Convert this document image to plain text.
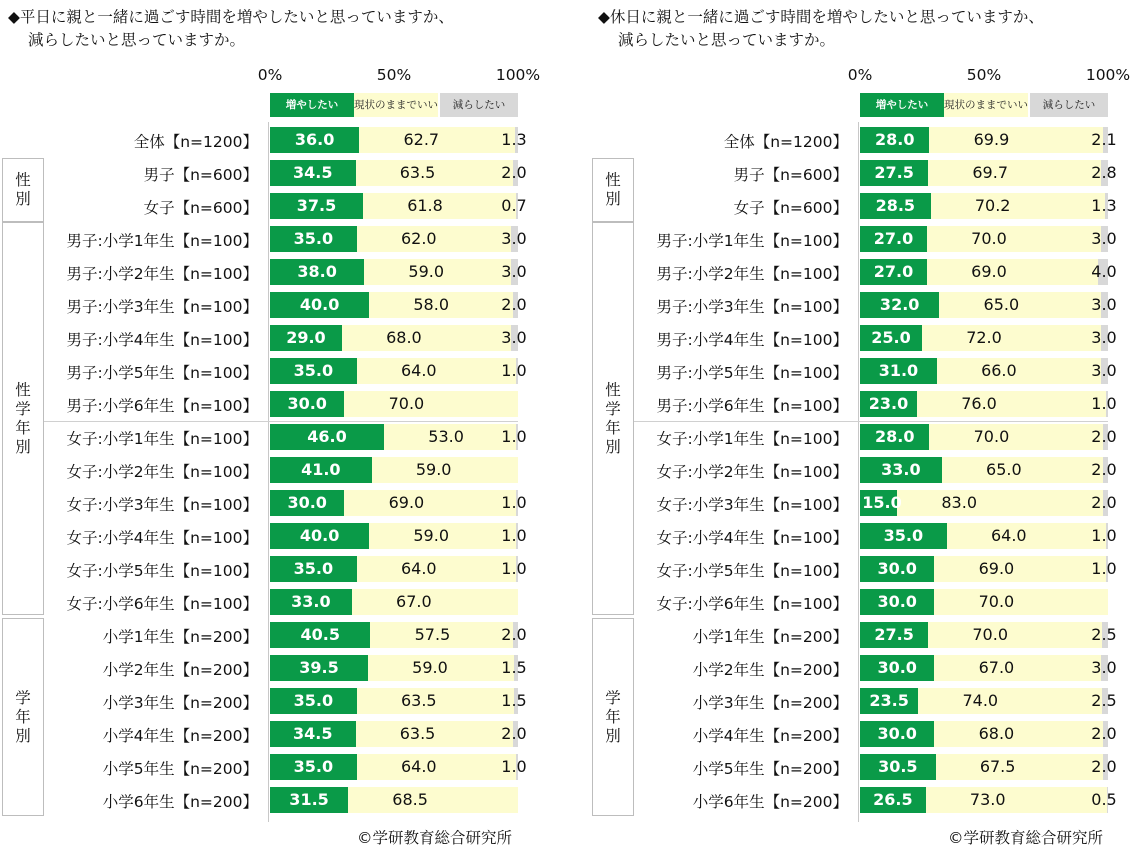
◆平日に親と一緒に過ごす時間を増やしたいと思っていますか、
減らしたいと思っていますか。
0%	50%	100%
増やしたい	現状のままでいい	減らしたい
性別
性学年別
学年別
全体【n=1200】 36.0	62.7	1.3
男子【n=600】 34.5	63.5	2.0
女子【n=600】 37.5	61.8	0.7
男子:小学1年生【n=100】 35.0	62.0	3.0
男子:小学2年生【n=100】 38.0	59.0	3.0
男子:小学3年生【n=100】	40.0	58.0	2.0
男子:小学4年生【n=100】 29.0	68.0	3.0
男子:小学5年生【n=100】 35.0	64.0	1.0
男子:小学6年生【n=100】 30.0	70.0
女子:小学1年生【n=100】	46.0	53.0 1.0
女子:小学2年生【n=100】	41.0	59.0
女子:小学3年生【n=100】 30.0	69.0	1.0
女子:小学4年生【n=100】	40.0	59.0	1.0
女子:小学5年生【n=100】 35.0	64.0	1.0
女子:小学6年生【n=100】 33.0	67.0
小学1年生【n=200】	40.5	57.5	2.0
小学2年生【n=200】	39.5	59.0	1.5
小学3年生【n=200】 35.0	63.5	1.5
小学4年生【n=200】 34.5	63.5	2.0
小学5年生【n=200】 35.0	64.0	1.0
小学6年生【n=200】 31.5	68.5
©学研教育総合研究所
◆休日に親と一緒に過ごす時間を増やしたいと思っていますか、
減らしたいと思っていますか。
0%	50%	100%
増やしたい	現状のままでいい	減らしたい
性別
性学年別
学年別
全体【n=1200】 28.0	69.9	2.1
男子【n=600】 27.5	69.7	2.8
女子【n=600】 28.5	70.2	1.3
男子:小学1年生【n=100】 27.0	70.0	3.0
男子:小学2年生【n=100】 27.0	69.0	4.0
男子:小学3年生【n=100】 32.0	65.0	3.0
男子:小学4年生【n=100】 25.0	72.0	3.0
男子:小学5年生【n=100】 31.0	66.0	3.0
男子:小学6年生【n=100】 23.0	76.0	1.0
女子:小学1年生【n=100】 28.0	70.0	2.0
女子:小学2年生【n=100】 33.0	65.0	2.0
女子:小学3年生【n=100】 15.0 83.0	2.0
女子:小学4年生【n=100】 35.0	64.0	1.0
女子:小学5年生【n=100】 30.0	69.0	1.0
女子:小学6年生【n=100】 30.0	70.0
小学1年生【n=200】 27.5	70.0	2.5
小学2年生【n=200】 30.0	67.0	3.0
小学3年生【n=200】 23.5	74.0	2.5
小学4年生【n=200】 30.0	68.0	2.0
小学5年生【n=200】 30.5	67.5	2.0
小学6年生【n=200】 26.5	73.0	0.5
©学研教育総合研究所
